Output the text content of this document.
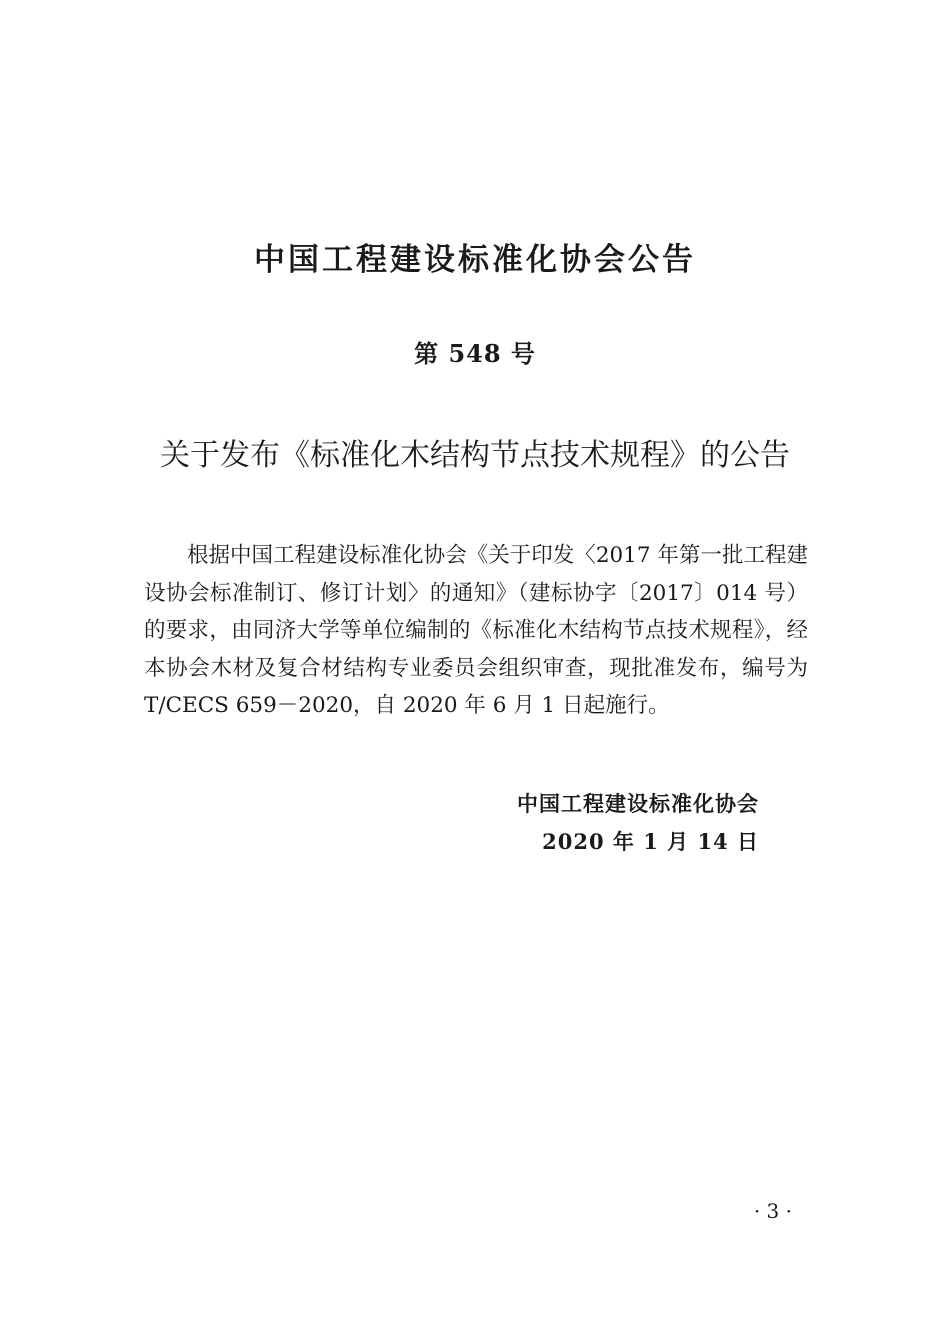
中国工程建设标准化协会公告
第 548 号
关于发布《标准化木结构节点技术规程》的公告

根据中国工程建设标准化协会《关于印发〈2017 年第一批工程建设协会标准制订、修订计划〉的通知》（建标协字〔2017〕014 号）的要求，由同济大学等单位编制的《标准化木结构节点技术规程》，经本协会木材及复合材结构专业委员会组织审查，现批准发布，编号为 T/CECS 659－2020，自 2020 年 6 月 1 日起施行。

中国工程建设标准化协会
2020 年 1 月 14 日
· 3 ·
